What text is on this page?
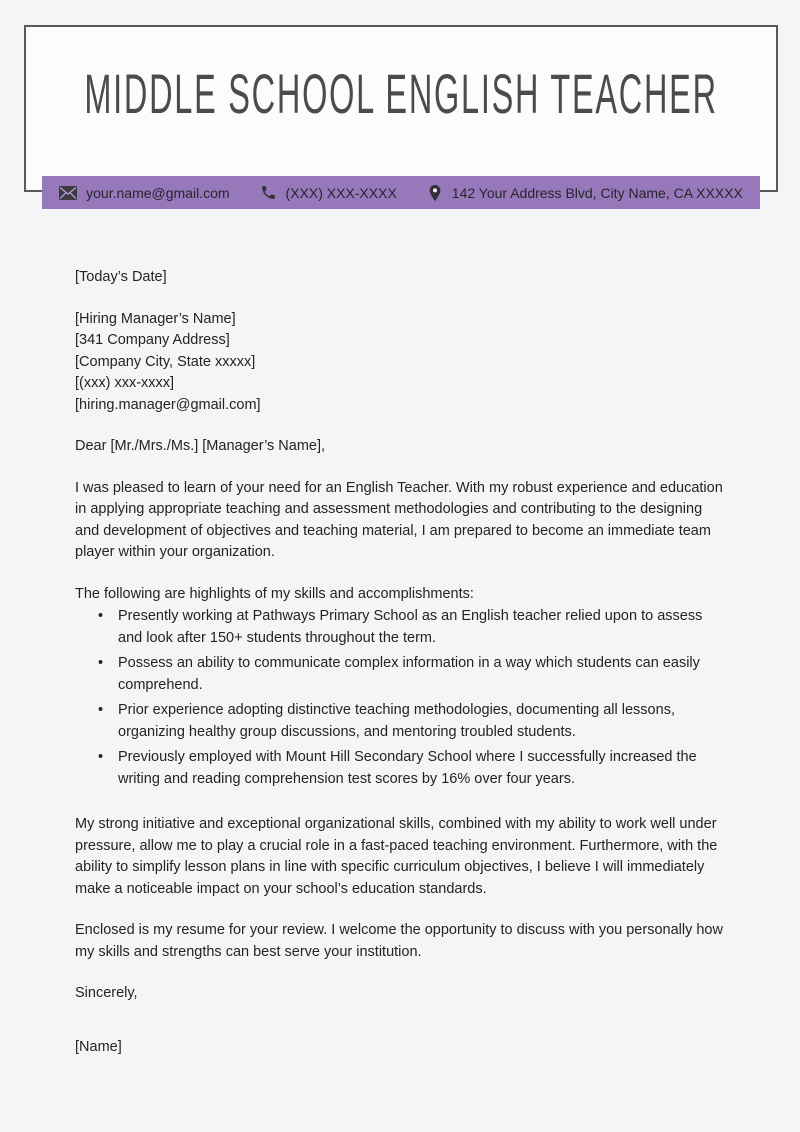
MIDDLE SCHOOL ENGLISH TEACHER
your.name@gmail.com	(XXX) XXX-XXXX	142 Your Address Blvd, City Name, CA XXXXX

[Today’s Date]

[Hiring Manager’s Name]

[341 Company Address]

[Company City, State xxxxx]

[(xxx) xxx-xxxx]

[hiring.manager@gmail.com]

Dear [Mr./Mrs./Ms.] [Manager’s Name],

I was pleased to learn of your need for an English Teacher. With my robust experience and education in applying appropriate teaching and assessment methodologies and contributing to the designing and development of objectives and teaching material, I am prepared to become an immediate team player within your organization.

The following are highlights of my skills and accomplishments:

• Presently working at Pathways Primary School as an English teacher relied upon to assess and look after 150+ students throughout the term.
• Possess an ability to communicate complex information in a way which students can easily comprehend.
• Prior experience adopting distinctive teaching methodologies, documenting all lessons, organizing healthy group discussions, and mentoring troubled students.
• Previously employed with Mount Hill Secondary School where I successfully increased the writing and reading comprehension test scores by 16% over four years.

My strong initiative and exceptional organizational skills, combined with my ability to work well under pressure, allow me to play a crucial role in a fast-paced teaching environment. Furthermore, with the ability to simplify lesson plans in line with specific curriculum objectives, I believe I will immediately make a noticeable impact on your school’s education standards.

Enclosed is my resume for your review. I welcome the opportunity to discuss with you personally how my skills and strengths can best serve your institution.

Sincerely,

[Name]
